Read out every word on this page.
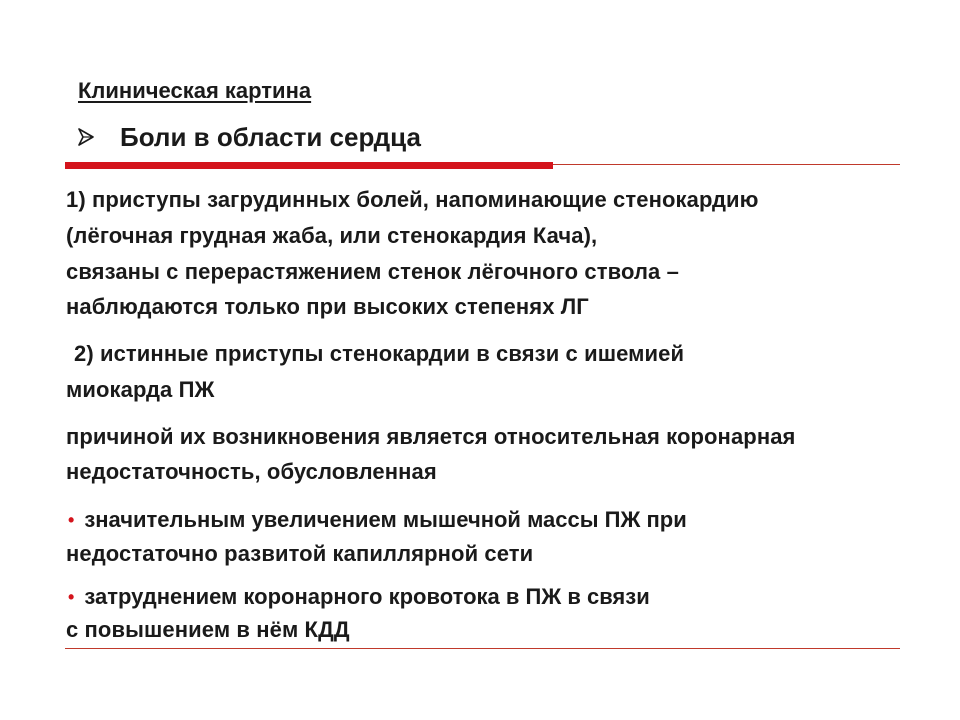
Клиническая картина
Боли в области сердца
1) приступы загрудинных болей, напоминающие стенокардию
(лёгочная грудная жаба, или стенокардия Кача),
связаны с перерастяжением стенок лёгочного ствола –
наблюдаются только при высоких степенях ЛГ
2) истинные приступы стенокардии в связи с ишемией
миокарда ПЖ
причиной их возникновения является относительная коронарная
недостаточность, обусловленная
• значительным увеличением мышечной массы ПЖ при
недостаточно развитой капиллярной сети
• затруднением коронарного кровотока в ПЖ в связи
с повышением в нём КДД
